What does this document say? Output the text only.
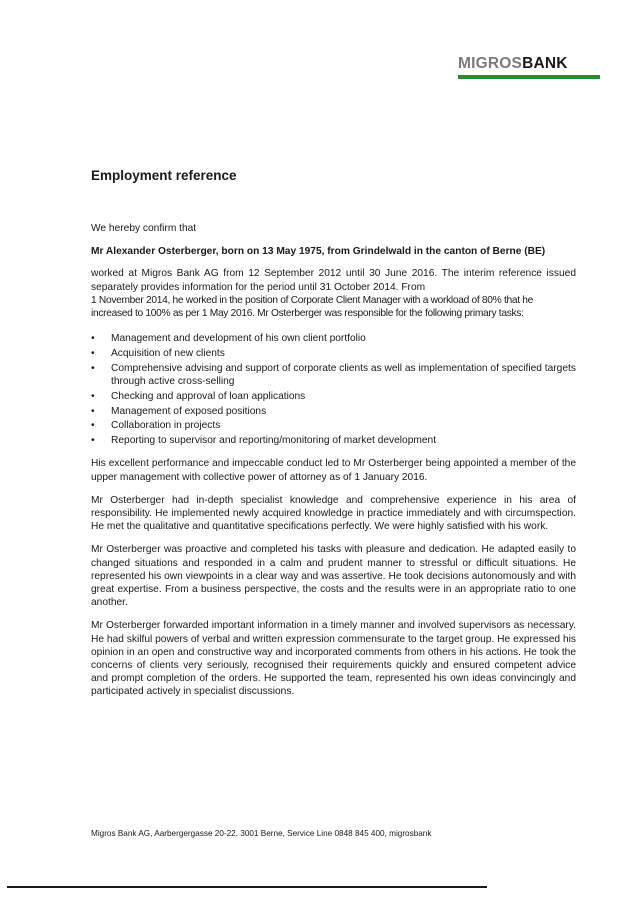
MIGROSBANK
Employment reference

We hereby confirm that

Mr Alexander Osterberger, born on 13 May 1975, from Grindelwald in the canton of Berne (BE)

worked at Migros Bank AG from 12 September 2012 until 30 June 2016. The interim reference issued separately provides information for the period until 31 October 2014. From
1 November 2014, he worked in the position of Corporate Client Manager with a workload of 80% that he increased to 100% as per 1 May 2016. Mr Osterberger was responsible for the following primary tasks:

• Management and development of his own client portfolio
• Acquisition of new clients
• Comprehensive advising and support of corporate clients as well as implementation of specified targets through active cross-selling
• Checking and approval of loan applications
• Management of exposed positions
• Collaboration in projects
• Reporting to supervisor and reporting/monitoring of market development

His excellent performance and impeccable conduct led to Mr Osterberger being appointed a member of the upper management with collective power of attorney as of 1 January 2016.

Mr Osterberger had in-depth specialist knowledge and comprehensive experience in his area of responsibility. He implemented newly acquired knowledge in practice immediately and with circumspection. He met the qualitative and quantitative specifications perfectly. We were highly satisfied with his work.

Mr Osterberger was proactive and completed his tasks with pleasure and dedication. He adapted easily to changed situations and responded in a calm and prudent manner to stressful or difficult situations. He represented his own viewpoints in a clear way and was assertive. He took decisions autonomously and with great expertise. From a business perspective, the costs and the results were in an appropriate ratio to one another.

Mr Osterberger forwarded important information in a timely manner and involved supervisors as necessary. He had skilful powers of verbal and written expression commensurate to the target group. He expressed his opinion in an open and constructive way and incorporated comments from others in his actions. He took the concerns of clients very seriously, recognised their requirements quickly and ensured competent advice and prompt completion of the orders. He supported the team, represented his own ideas convincingly and participated actively in specialist discussions.

Migros Bank AG, Aarbergergasse 20-22, 3001 Berne, Service Line 0848 845 400, migrosbank
